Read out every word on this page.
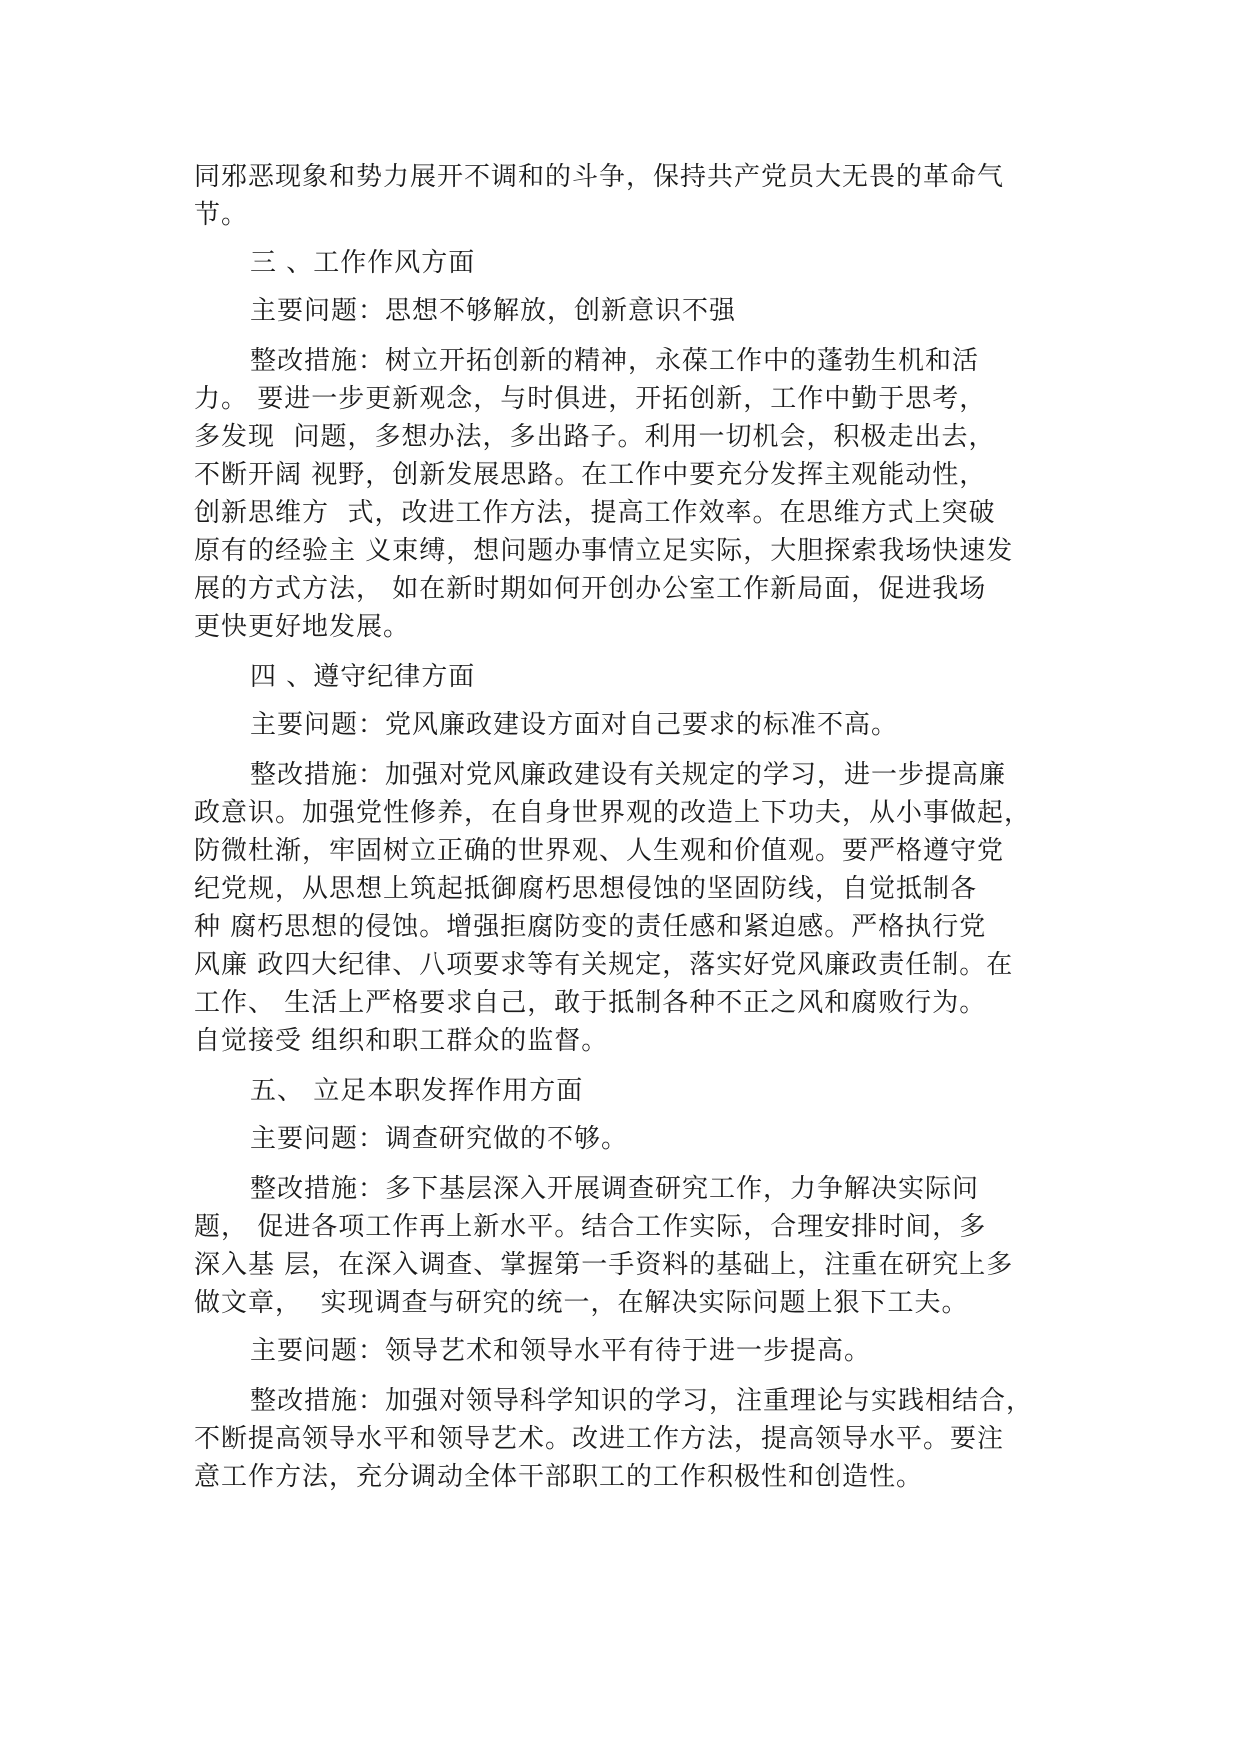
同邪恶现象和势力展开不调和的斗争，保持共产党员大无畏的革命气
节。
三 、工作作风方面
主要问题：思想不够解放，创新意识不强
整改措施：树立开拓创新的精神，永葆工作中的蓬勃生机和活
力。 要进一步更新观念，与时俱进，开拓创新，工作中勤于思考，
多发现  问题，多想办法，多出路子。利用一切机会，积极走出去，
不断开阔 视野，创新发展思路。在工作中要充分发挥主观能动性，
创新思维方  式，改进工作方法，提高工作效率。在思维方式上突破
原有的经验主 义束缚，想问题办事情立足实际，大胆探索我场快速发
展的方式方法， 如在新时期如何开创办公室工作新局面，促进我场
更快更好地发展。
四 、遵守纪律方面
主要问题：党风廉政建设方面对自己要求的标准不高。
整改措施：加强对党风廉政建设有关规定的学习，进一步提高廉
政意识。加强党性修养，在自身世界观的改造上下功夫，从小事做起，
防微杜渐，牢固树立正确的世界观、人生观和价值观。要严格遵守党
纪党规，从思想上筑起抵御腐朽思想侵蚀的坚固防线，自觉抵制各
种 腐朽思想的侵蚀。增强拒腐防变的责任感和紧迫感。严格执行党
风廉 政四大纪律、八项要求等有关规定，落实好党风廉政责任制。在
工作、 生活上严格要求自己，敢于抵制各种不正之风和腐败行为。
自觉接受 组织和职工群众的监督。
五、 立足本职发挥作用方面
主要问题：调查研究做的不够。
整改措施：多下基层深入开展调查研究工作，力争解决实际问
题， 促进各项工作再上新水平。结合工作实际，合理安排时间，多
深入基 层，在深入调查、掌握第一手资料的基础上，注重在研究上多
做文章，  实现调查与研究的统一，在解决实际问题上狠下工夫。
主要问题：领导艺术和领导水平有待于进一步提高。
整改措施：加强对领导科学知识的学习，注重理论与实践相结合，
不断提高领导水平和领导艺术。改进工作方法，提高领导水平。要注
意工作方法，充分调动全体干部职工的工作积极性和创造性。
